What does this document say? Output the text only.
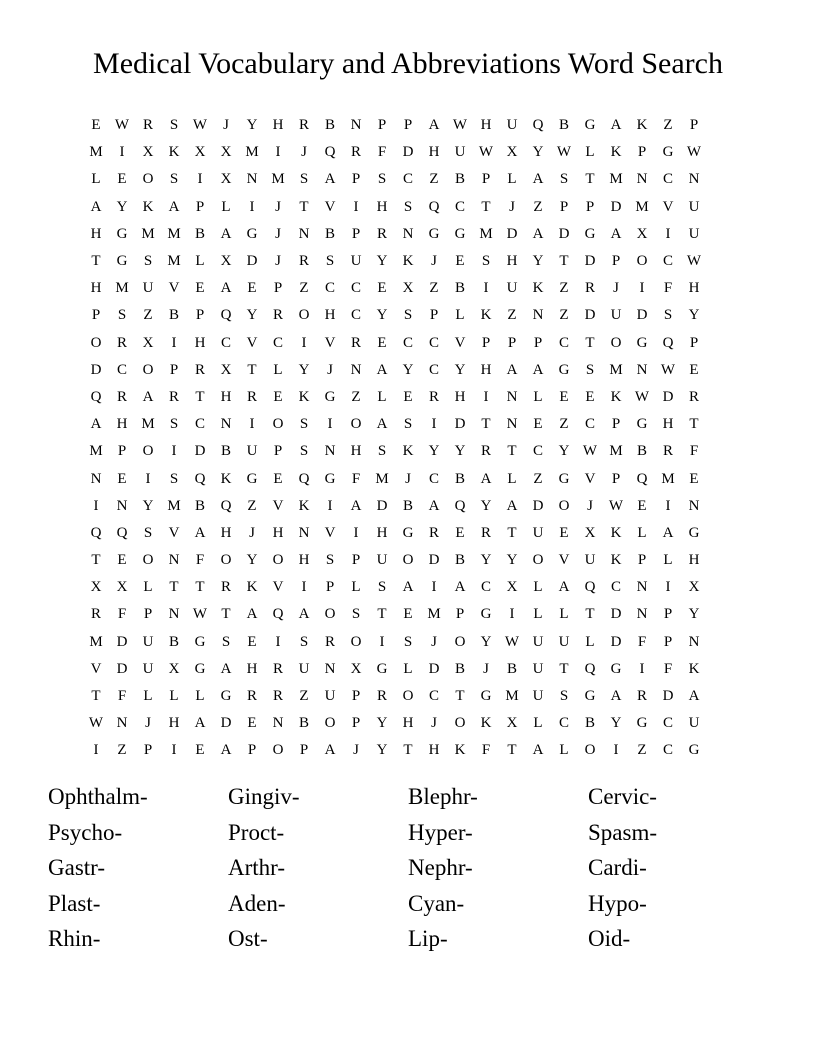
Medical Vocabulary and Abbreviations Word Search
E W R	S W	J	Y	H	R	B	N	P	P	A W H	U	Q	B	G	A	K	Z	P
M	I	X	K	X	X M	I	J	Q	R	F	D	H	U W X	Y W L	K	P	G W
L	E	O	S	I	X	N M	S	A	P	S	C	Z	B	P	L	A	S	T M N	C	N
A	Y	K	A	P	L	I	J	T	V	I	H	S	Q	C	T	J	Z	P	P	D M V	U
H	G M M B	A	G	J	N	B	P	R	N	G	G M D	A	D	G	A	X	I	U
T	G	S	M L	X	D	J	R	S	U	Y	K	J	E	S	H	Y	T	D	P	O	C W
H M U	V	E	A	E	P	Z	C	C	E	X	Z	B	I	U	K	Z	R	J	I	F	H
P	S	Z	B	P	Q	Y	R	O	H	C	Y	S	P	L	K	Z	N	Z	D	U	D	S	Y
O	R	X	I	H	C	V	C	I	V	R	E	C	C	V	P	P	P	C	T	O	G	Q	P
D	C	O	P	R	X	T	L	Y	J	N	A	Y	C	Y	H	A	A	G	S	M N W E
Q	R	A	R	T	H	R	E	K	G	Z	L	E	R	H	I	N	L	E	E	K W D	R
A	H M	S	C	N	I	O	S	I	O	A	S	I	D	T	N	E	Z	C	P	G	H	T
M	P	O	I	D	B	U	P	S	N	H	S	K	Y	Y	R	T	C	Y W M B	R	F
N	E	I	S	Q	K	G	E	Q	G	F	M	J	C	B	A	L	Z	G	V	P	Q M E
I	N	Y M B	Q	Z	V	K	I	A	D	B	A	Q	Y	A	D	O	J	W E	I	N
Q	Q	S	V	A	H	J	H	N	V	I	H	G	R	E	R	T	U	E	X	K	L	A	G
T	E	O	N	F	O	Y	O	H	S	P	U	O	D	B	Y	Y	O	V	U	K	P	L	H
X	X	L	T	T	R	K	V	I	P	L	S	A	I	A	C	X	L	A	Q	C	N	I	X
R	F	P	N W T	A	Q	A	O	S	T	E M	P	G	I	L	L	T	D	N	P	Y
M D	U	B	G	S	E	I	S	R	O	I	S	J	O	Y W U	U	L	D	F	P	N
V	D	U	X	G	A	H	R	U	N	X	G	L	D	B	J	B	U	T	Q	G	I	F	K
T	F	L	L	L	G	R	R	Z	U	P	R	O	C	T	G M U	S	G	A	R	D	A
W N	J	H	A	D	E	N	B	O	P	Y	H	J	O	K	X	L	C	B	Y	G	C	U
I	Z	P	I	E	A	P	O	P	A	J	Y	T	H	K	F	T	A	L	O	I	Z	C	G
Ophthalm-	Gingiv-	Blephr-	Cervic-
Psycho-	Proct-	Hyper-	Spasm-
Gastr-	Arthr-	Nephr-	Cardi-
Plast-	Aden-	Cyan-	Hypo-
Rhin-	Ost-	Lip-	Oid-
